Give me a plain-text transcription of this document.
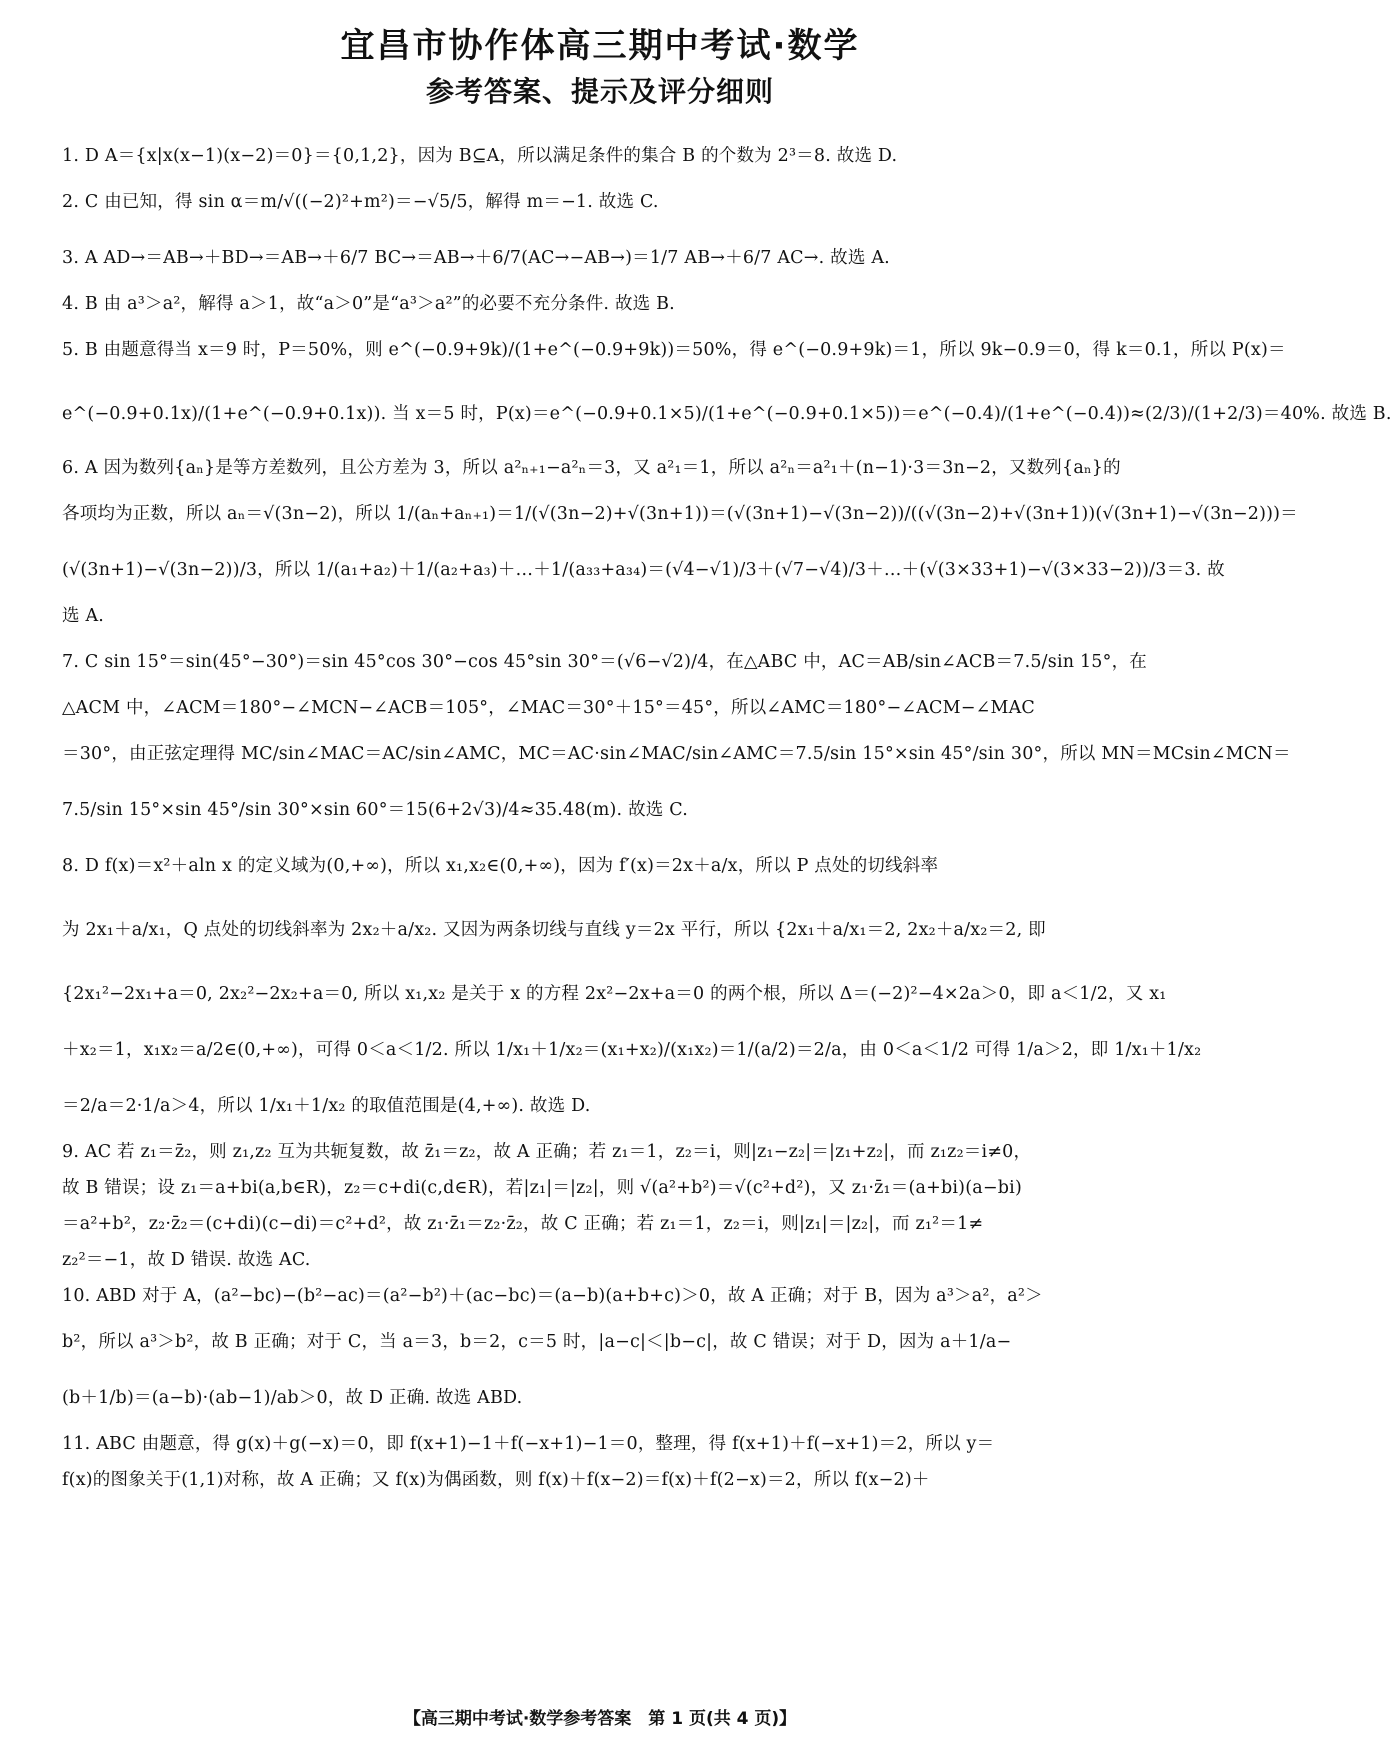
宜昌市协作体高三期中考试·数学
参考答案、提示及评分细则
1. D A＝{x|x(x−1)(x−2)＝0}＝{0,1,2}，因为 B⊆A，所以满足条件的集合 B 的个数为 2³＝8. 故选 D.
2. C 由已知，得 sin α＝m/√((−2)²+m²)＝−√5/5，解得 m＝−1. 故选 C.
3. A AD→＝AB→＋BD→＝AB→＋6/7 BC→＝AB→＋6/7(AC→−AB→)＝1/7 AB→＋6/7 AC→. 故选 A.
4. B 由 a³＞a²，解得 a＞1，故“a＞0”是“a³＞a²”的必要不充分条件. 故选 B.
5. B 由题意得当 x＝9 时，P＝50%，则 e^(−0.9+9k)/(1+e^(−0.9+9k))＝50%，得 e^(−0.9+9k)＝1，所以 9k−0.9＝0，得 k＝0.1，所以 P(x)＝
e^(−0.9+0.1x)/(1+e^(−0.9+0.1x)). 当 x＝5 时，P(x)＝e^(−0.9+0.1×5)/(1+e^(−0.9+0.1×5))＝e^(−0.4)/(1+e^(−0.4))≈(2/3)/(1+2/3)＝40%. 故选 B.
6. A 因为数列{aₙ}是等方差数列，且公方差为 3，所以 a²ₙ₊₁−a²ₙ＝3，又 a²₁＝1，所以 a²ₙ＝a²₁＋(n−1)·3＝3n−2，又数列{aₙ}的
各项均为正数，所以 aₙ＝√(3n−2)，所以 1/(aₙ+aₙ₊₁)＝1/(√(3n−2)+√(3n+1))＝(√(3n+1)−√(3n−2))/((√(3n−2)+√(3n+1))(√(3n+1)−√(3n−2)))＝
(√(3n+1)−√(3n−2))/3，所以 1/(a₁+a₂)＋1/(a₂+a₃)＋…＋1/(a₃₃+a₃₄)＝(√4−√1)/3＋(√7−√4)/3＋…＋(√(3×33+1)−√(3×33−2))/3＝3. 故
选 A.
7. C sin 15°＝sin(45°−30°)＝sin 45°cos 30°−cos 45°sin 30°＝(√6−√2)/4，在△ABC 中，AC＝AB/sin∠ACB＝7.5/sin 15°，在
△ACM 中，∠ACM＝180°−∠MCN−∠ACB＝105°，∠MAC＝30°＋15°＝45°，所以∠AMC＝180°−∠ACM−∠MAC
＝30°，由正弦定理得 MC/sin∠MAC＝AC/sin∠AMC，MC＝AC·sin∠MAC/sin∠AMC＝7.5/sin 15°×sin 45°/sin 30°，所以 MN＝MCsin∠MCN＝
7.5/sin 15°×sin 45°/sin 30°×sin 60°＝15(6+2√3)/4≈35.48(m). 故选 C.
8. D f(x)＝x²＋aln x 的定义域为(0,+∞)，所以 x₁,x₂∈(0,+∞)，因为 f′(x)＝2x＋a/x，所以 P 点处的切线斜率
为 2x₁＋a/x₁，Q 点处的切线斜率为 2x₂＋a/x₂. 又因为两条切线与直线 y＝2x 平行，所以 {2x₁＋a/x₁＝2, 2x₂＋a/x₂＝2, 即
{2x₁²−2x₁+a＝0, 2x₂²−2x₂+a＝0, 所以 x₁,x₂ 是关于 x 的方程 2x²−2x+a＝0 的两个根，所以 Δ＝(−2)²−4×2a＞0，即 a＜1/2，又 x₁
＋x₂＝1，x₁x₂＝a/2∈(0,+∞)，可得 0＜a＜1/2. 所以 1/x₁＋1/x₂＝(x₁+x₂)/(x₁x₂)＝1/(a/2)＝2/a，由 0＜a＜1/2 可得 1/a＞2，即 1/x₁＋1/x₂
＝2/a＝2·1/a＞4，所以 1/x₁＋1/x₂ 的取值范围是(4,+∞). 故选 D.
9. AC 若 z₁＝z̄₂，则 z₁,z₂ 互为共轭复数，故 z̄₁＝z₂，故 A 正确；若 z₁＝1，z₂＝i，则|z₁−z₂|＝|z₁+z₂|，而 z₁z₂＝i≠0，
故 B 错误；设 z₁＝a+bi(a,b∈R)，z₂＝c+di(c,d∈R)，若|z₁|＝|z₂|，则 √(a²+b²)＝√(c²+d²)，又 z₁·z̄₁＝(a+bi)(a−bi)
＝a²+b²，z₂·z̄₂＝(c+di)(c−di)＝c²+d²，故 z₁·z̄₁＝z₂·z̄₂，故 C 正确；若 z₁＝1，z₂＝i，则|z₁|＝|z₂|，而 z₁²＝1≠
z₂²＝−1，故 D 错误. 故选 AC.
10. ABD 对于 A，(a²−bc)−(b²−ac)＝(a²−b²)＋(ac−bc)＝(a−b)(a+b+c)＞0，故 A 正确；对于 B，因为 a³＞a²，a²＞
b²，所以 a³＞b²，故 B 正确；对于 C，当 a＝3，b＝2，c＝5 时，|a−c|＜|b−c|，故 C 错误；对于 D，因为 a＋1/a−
(b＋1/b)＝(a−b)·(ab−1)/ab＞0，故 D 正确. 故选 ABD.
11. ABC 由题意，得 g(x)＋g(−x)＝0，即 f(x+1)−1＋f(−x+1)−1＝0，整理，得 f(x+1)＋f(−x+1)＝2，所以 y＝
f(x)的图象关于(1,1)对称，故 A 正确；又 f(x)为偶函数，则 f(x)＋f(x−2)＝f(x)＋f(2−x)＝2，所以 f(x−2)＋
【高三期中考试·数学参考答案　第 1 页(共 4 页)】
